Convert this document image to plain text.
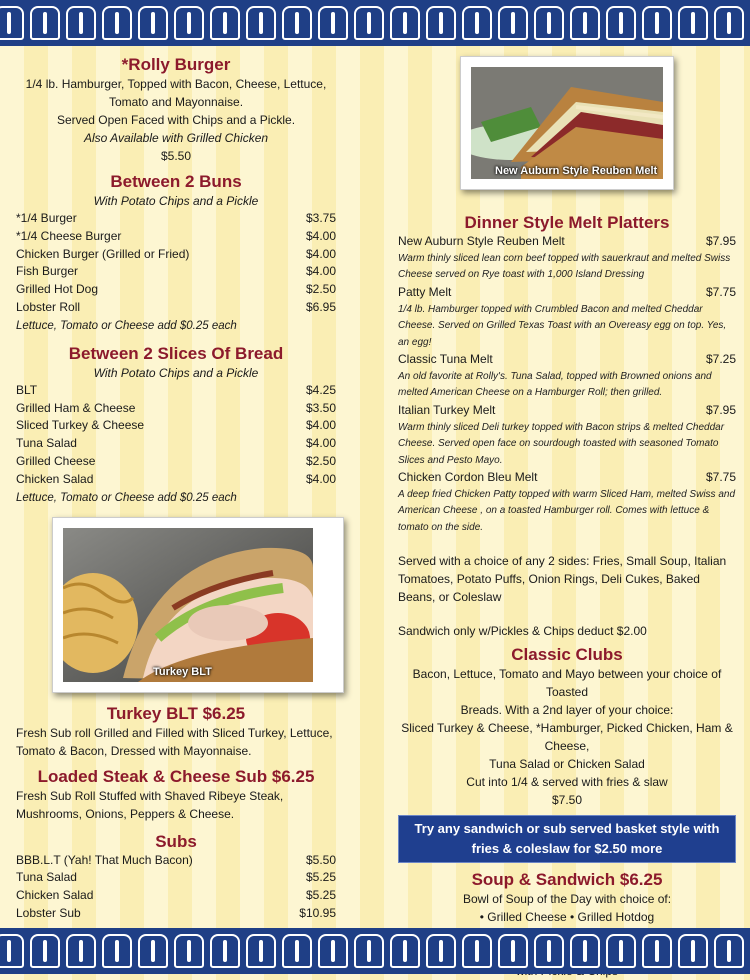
*Rolly Burger
1/4 lb. Hamburger, Topped with Bacon, Cheese, Lettuce,
Tomato and Mayonnaise.
Served Open Faced with Chips and a Pickle.
Also Available with Grilled Chicken
$5.50
Between 2 Buns
With Potato Chips and a Pickle
*1/4 Burger	$3.75
*1/4 Cheese Burger	$4.00
Chicken Burger (Grilled or Fried)	$4.00
Fish Burger	$4.00
Grilled Hot Dog	$2.50
Lobster Roll	$6.95
Lettuce, Tomato or Cheese add $0.25 each
Between 2 Slices Of Bread
With Potato Chips and a Pickle
BLT	$4.25
Grilled Ham & Cheese	$3.50
Sliced Turkey & Cheese	$4.00
Tuna Salad	$4.00
Grilled Cheese	$2.50
Chicken Salad	$4.00
Lettuce, Tomato or Cheese add $0.25 each
Turkey BLT
Turkey BLT $6.25
Fresh Sub roll Grilled and Filled with Sliced Turkey, Lettuce, Tomato & Bacon, Dressed with Mayonnaise.
Loaded Steak & Cheese Sub $6.25
Fresh Sub Roll Stuffed with Shaved Ribeye Steak, Mushrooms, Onions, Peppers & Cheese.
Subs
BBB.L.T (Yah! That Much Bacon)	$5.50
Tuna Salad	$5.25
Chicken Salad	$5.25
Lobster Sub	$10.95
New Auburn Style Reuben Melt
Dinner Style Melt Platters
New Auburn Style Reuben Melt	$7.95
Warm thinly sliced lean corn beef topped with sauerkraut and melted Swiss Cheese served on Rye toast with 1,000 Island Dressing
Patty Melt	$7.75
1/4 lb. Hamburger topped with Crumbled Bacon and melted Cheddar Cheese. Served on Grilled Texas Toast with an Overeasy egg on top. Yes, an egg!
Classic Tuna Melt	$7.25
An old favorite at Rolly's. Tuna Salad, topped with Browned onions and melted American Cheese on a Hamburger Roll; then grilled.
Italian Turkey Melt	$7.95
Warm thinly sliced Deli turkey topped with Bacon strips & melted Cheddar Cheese. Served open face on sourdough toasted with seasoned Tomato Slices and Pesto Mayo.
Chicken Cordon Bleu Melt	$7.75
A deep fried Chicken Patty topped with warm Sliced Ham, melted Swiss and American Cheese , on a toasted Hamburger roll. Comes with lettuce & tomato on the side.
Served with a choice of any 2 sides: Fries, Small Soup, Italian Tomatoes, Potato Puffs, Onion Rings, Deli Cukes, Baked Beans, or Coleslaw
Sandwich only w/Pickles & Chips deduct $2.00
Classic Clubs
Bacon, Lettuce, Tomato and Mayo between your choice of Toasted
Breads. With a 2nd layer of your choice:
Sliced Turkey & Cheese, *Hamburger, Picked Chicken, Ham & Cheese,
Tuna Salad or Chicken Salad
Cut into 1/4 & served with fries & slaw
$7.50
Try any sandwich or sub served basket style with fries & coleslaw for $2.50 more
Soup & Sandwich $6.25
Bowl of Soup of the Day with choice of:
• Grilled Cheese • Grilled Hotdog
